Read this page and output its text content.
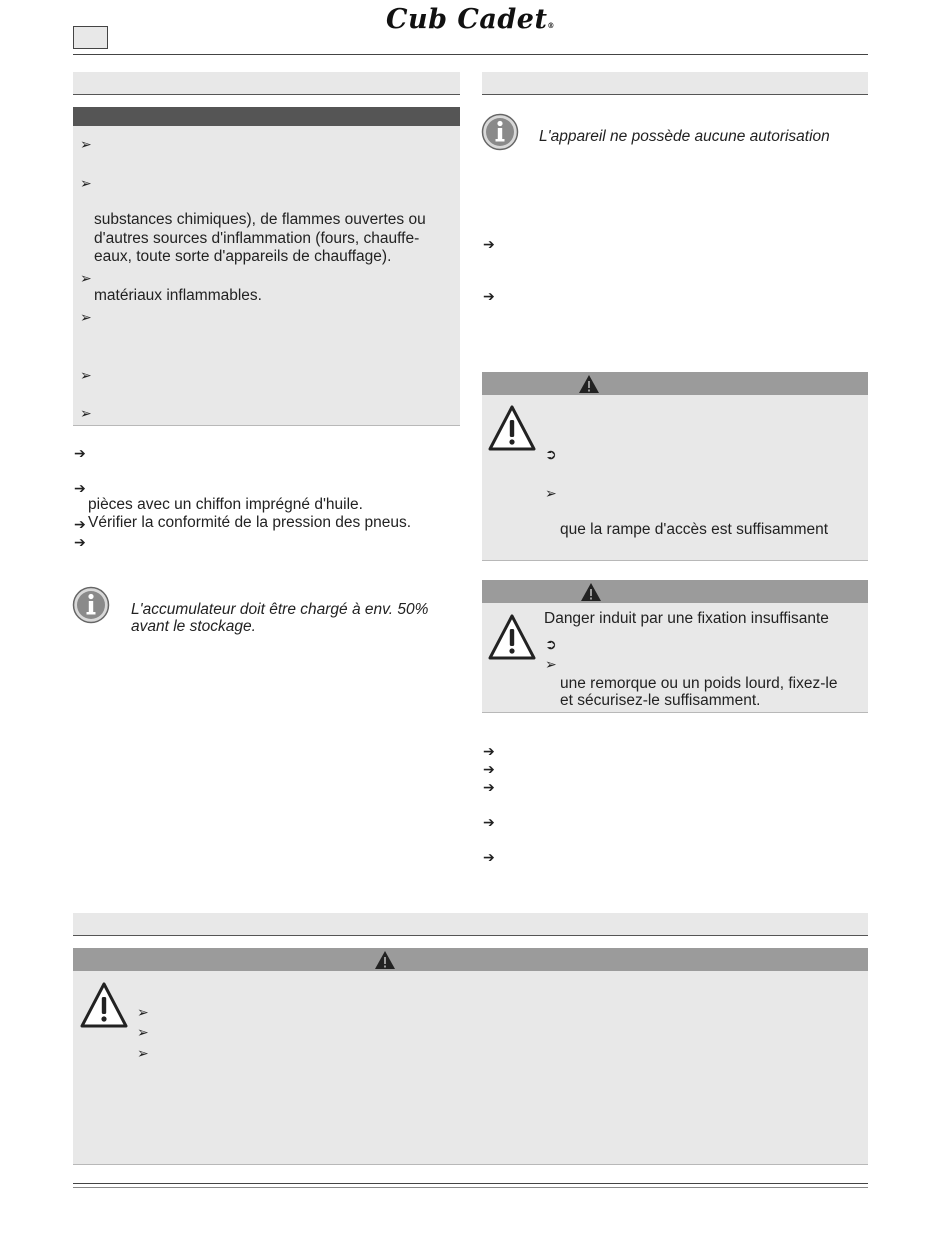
Cub Cadet®
➢
➢
substances chimiques), de flammes ouvertes ou
d'autres sources d'inflammation (fours, chauffe-
eaux, toute sorte d'appareils de chauffage).
➢
matériaux inflammables.
➢
➢
➢
➔
➔
pièces avec un chiffon imprégné d'huile.
➔ Vérifier la conformité de la pression des pneus.
➔
L'accumulateur doit être chargé à env. 50%
avant le stockage.
L'appareil ne possède aucune autorisation
➔
➔
➲
➢
que la rampe d'accès est suffisamment
Danger induit par une fixation insuffisante
➲
➢
une remorque ou un poids lourd, fixez-le
et sécurisez-le suffisamment.
➔
➔
➔
➔
➔
➢
➢
➢
